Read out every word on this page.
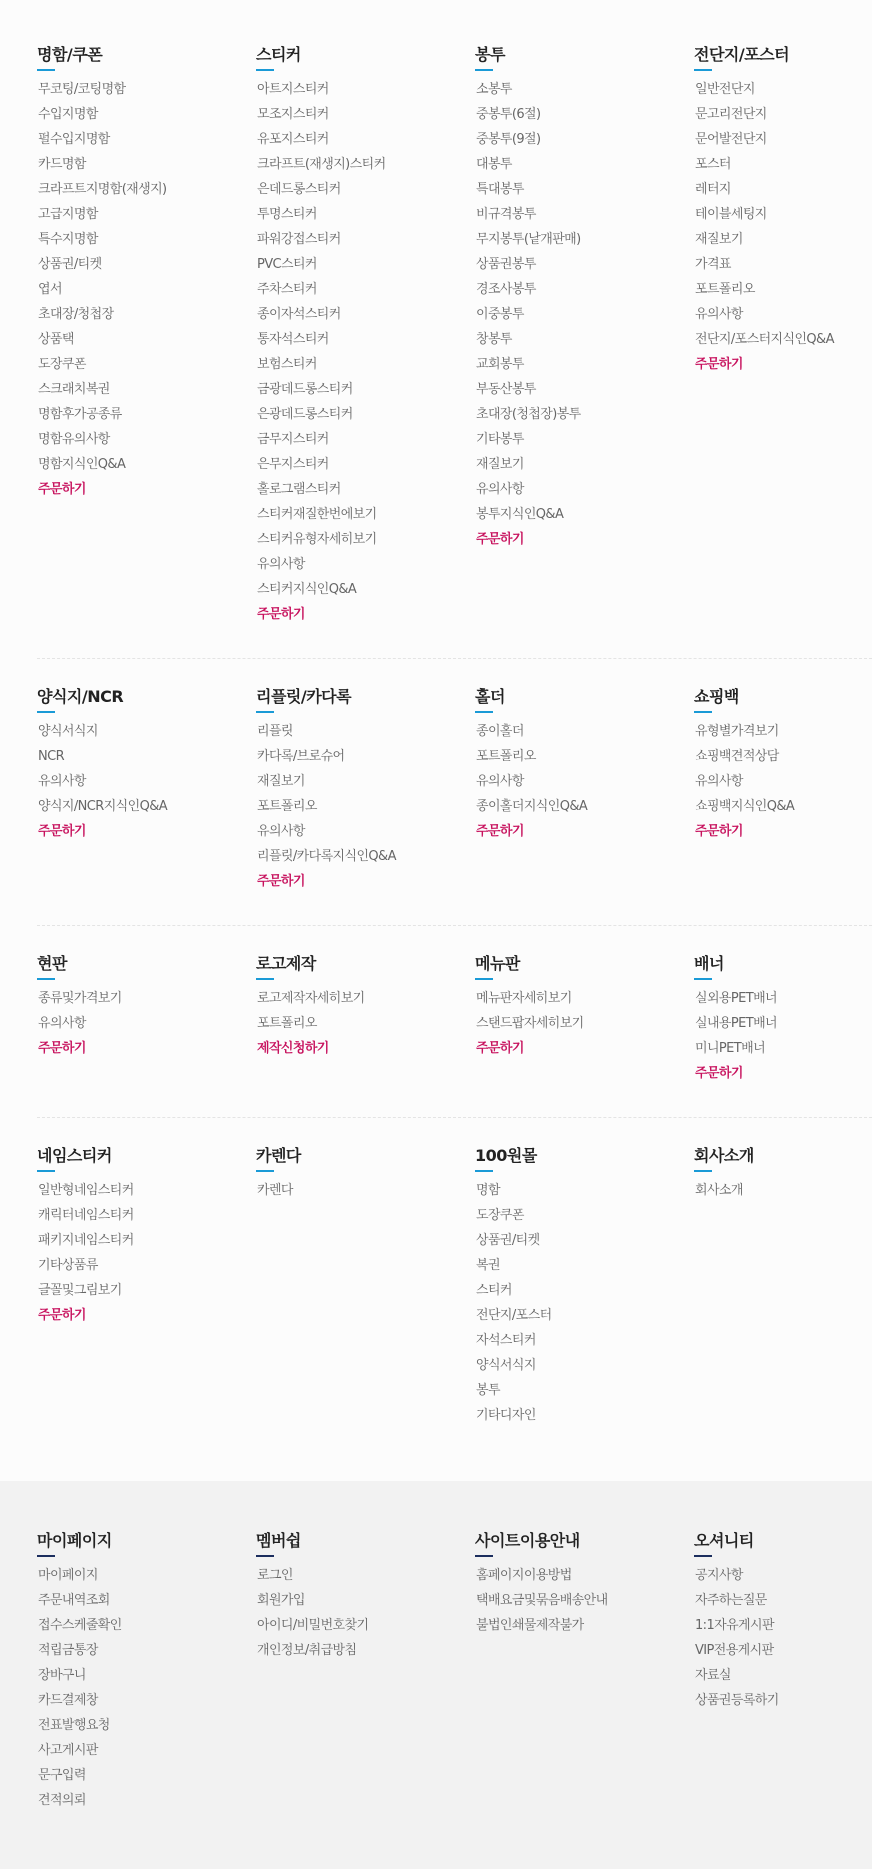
명함/쿠폰
무코팅/코팅명함
수입지명함
펄수입지명함
카드명함
크라프트지명함(재생지)
고급지명함
특수지명함
상품권/티켓
엽서
초대장/청첩장
상품택
도장쿠폰
스크래치복권
명함후가공종류
명함유의사항
명함지식인Q&A
주문하기
스티커
아트지스티커
모조지스티커
유포지스티커
크라프트(재생지)스티커
은데드롱스티커
투명스티커
파워강접스티커
PVC스티커
주차스티커
종이자석스티커
통자석스티커
보험스티커
금광데드롱스티커
은광데드롱스티커
금무지스티커
은무지스티커
홀로그램스티커
스티커재질한번에보기
스티커유형자세히보기
유의사항
스티커지식인Q&A
주문하기
봉투
소봉투
중봉투(6절)
중봉투(9절)
대봉투
특대봉투
비규격봉투
무지봉투(낱개판매)
상품권봉투
경조사봉투
이중봉투
창봉투
교회봉투
부동산봉투
초대장(청첩장)봉투
기타봉투
재질보기
유의사항
봉투지식인Q&A
주문하기
전단지/포스터
일반전단지
문고리전단지
문어발전단지
포스터
레터지
테이블세팅지
재질보기
가격표
포트폴리오
유의사항
전단지/포스터지식인Q&A
주문하기
양식지/NCR
양식서식지
NCR
유의사항
양식지/NCR지식인Q&A
주문하기
리플릿/카다록
리플릿
카다록/브로슈어
재질보기
포트폴리오
유의사항
리플릿/카다록지식인Q&A
주문하기
홀더
종이홀더
포트폴리오
유의사항
종이홀더지식인Q&A
주문하기
쇼핑백
유형별가격보기
쇼핑백견적상담
유의사항
쇼핑백지식인Q&A
주문하기
현판
종류및가격보기
유의사항
주문하기
로고제작
로고제작자세히보기
포트폴리오
제작신청하기
메뉴판
메뉴판자세히보기
스탠드팝자세히보기
주문하기
배너
실외용PET배너
실내용PET배너
미니PET배너
주문하기
네임스티커
일반형네임스티커
캐릭터네임스티커
패키지네임스티커
기타상품류
글꼴및그림보기
주문하기
카렌다
카렌다
100원몰
명함
도장쿠폰
상품권/티켓
복권
스티커
전단지/포스터
자석스티커
양식서식지
봉투
기타디자인
회사소개
회사소개
마이페이지
마이페이지
주문내역조회
접수스케줄확인
적립금통장
장바구니
카드결제창
전표발행요청
사고게시판
문구입력
견적의뢰
멤버쉽
로그인
회원가입
아이디/비밀번호찾기
개인정보/취급방침
사이트이용안내
홈페이지이용방법
택배요금및묶음배송안내
불법인쇄물제작불가
오셔니티
공지사항
자주하는질문
1:1자유게시판
VIP전용게시판
자료실
상품권등록하기
